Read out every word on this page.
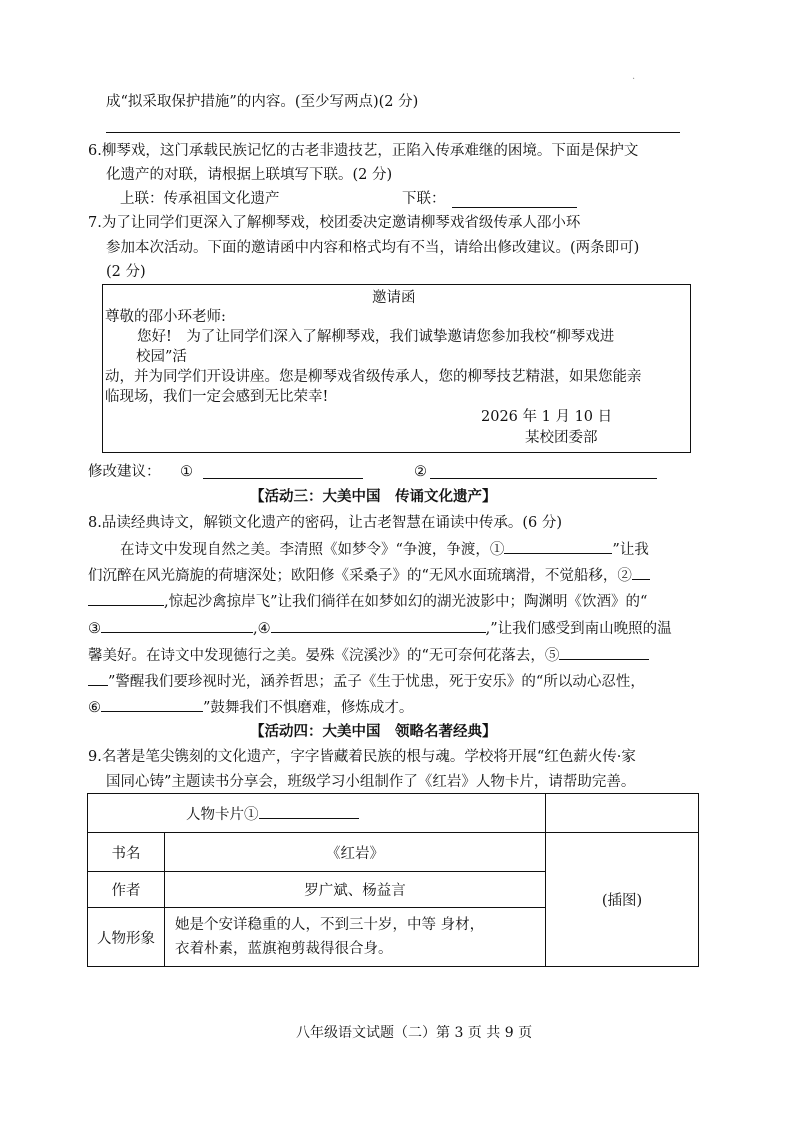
·
成“拟采取保护措施”的内容。(至少写两点)(2 分)
6.柳琴戏，这门承载民族记忆的古老非遗技艺，正陷入传承难继的困境。下面是保护文
化遗产的对联，请根据上联填写下联。(2 分)
上联：传承祖国文化遗产	下联：
7.为了让同学们更深入了解柳琴戏，校团委决定邀请柳琴戏省级传承人邵小环
参加本次活动。下面的邀请函中内容和格式均有不当，请给出修改建议。(两条即可)
(2 分)
邀请函
尊敬的邵小环老师:
您好!　为了让同学们深入了解柳琴戏，我们诚挚邀请您参加我校“柳琴戏进
校园”活
动，并为同学们开设讲座。您是柳琴戏省级传承人，您的柳琴技艺精湛，如果您能亲
临现场，我们一定会感到无比荣幸!
2026 年 1 月 10 日
某校团委部
修改建议： ①	②
【活动三：大美中国　传诵文化遗产】
8.品读经典诗文，解锁文化遗产的密码，让古老智慧在诵读中传承。(6 分)
在诗文中发现自然之美。李清照《如梦令》“争渡，争渡，①	”让我
们沉醉在风光旖旎的荷塘深处；欧阳修《采桑子》的“无风水面琉璃滑，不觉船移，②
,惊起沙禽掠岸飞”让我们徜徉在如梦如幻的湖光波影中；陶渊明《饮酒》的“
③	,④	,”让我们感受到南山晚照的温
馨美好。在诗文中发现德行之美。晏殊《浣溪沙》的“无可奈何花落去，⑤
”警醒我们要珍视时光，涵养哲思；孟子《生于忧患，死于安乐》的“所以动心忍性，
⑥	”鼓舞我们不惧磨难，修炼成才。
【活动四：大美中国　领略名著经典】
9.名著是笔尖镌刻的文化遗产，字字皆藏着民族的根与魂。学校将开展“红色薪火传·家
国同心铸”主题读书分享会，班级学习小组制作了《红岩》人物卡片，请帮助完善。
人物卡片①		
书名	《红岩》	(插图)
作者	罗广斌、杨益言	
人物形象	她是个安详稳重的人，不到三十岁，中等 身材，
衣着朴素，蓝旗袍剪裁得很合身。	
八年级语文试题（二）第 3 页 共 9 页
